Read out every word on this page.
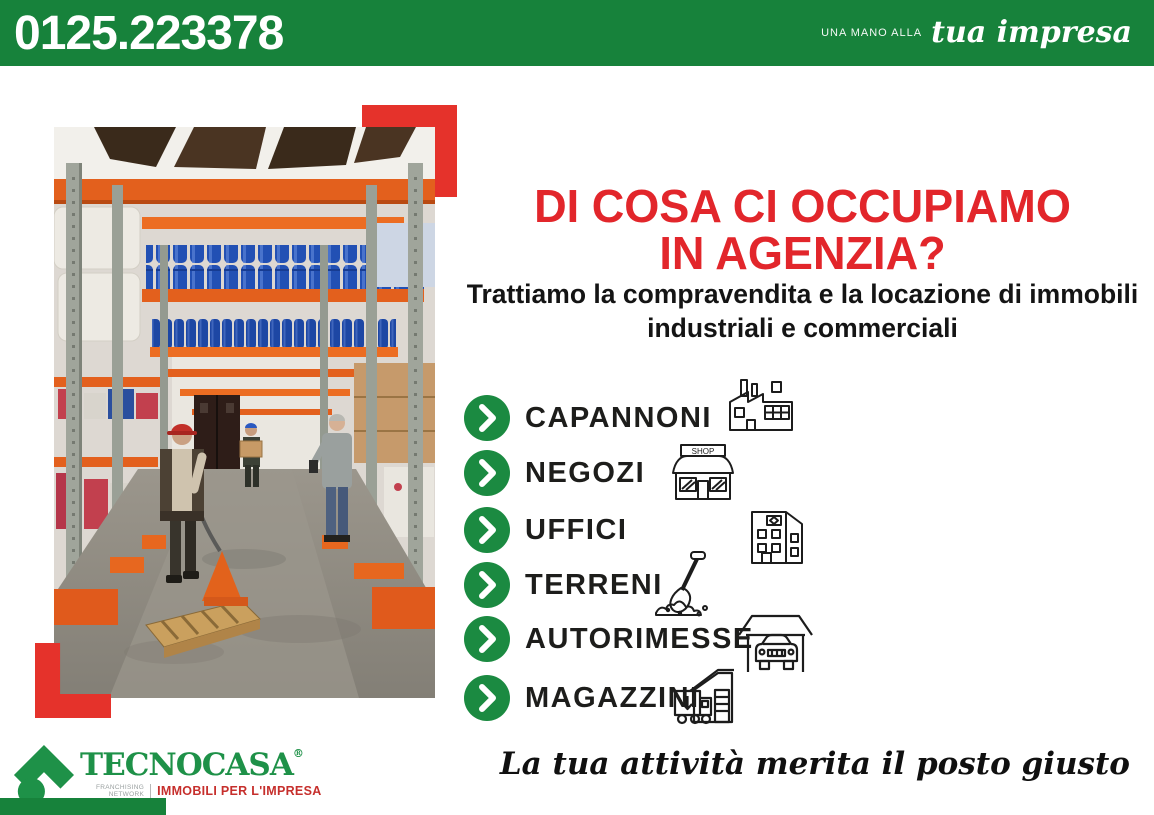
0125.223378	UNA MANO ALLA tua impresa
DI COSA CI OCCUPIAMO
IN AGENZIA?

Trattiamo la compravendita e la locazione di immobili
industriali e commerciali

CAPANNONI
NEGOZI
UFFICI
TERRENI
AUTORIMESSE
MAGAZZINI
SHOP
TECNOCASA®
FRANCHISING
NETWORK IMMOBILI PER L'IMPRESA
La tua attività merita il posto giusto
